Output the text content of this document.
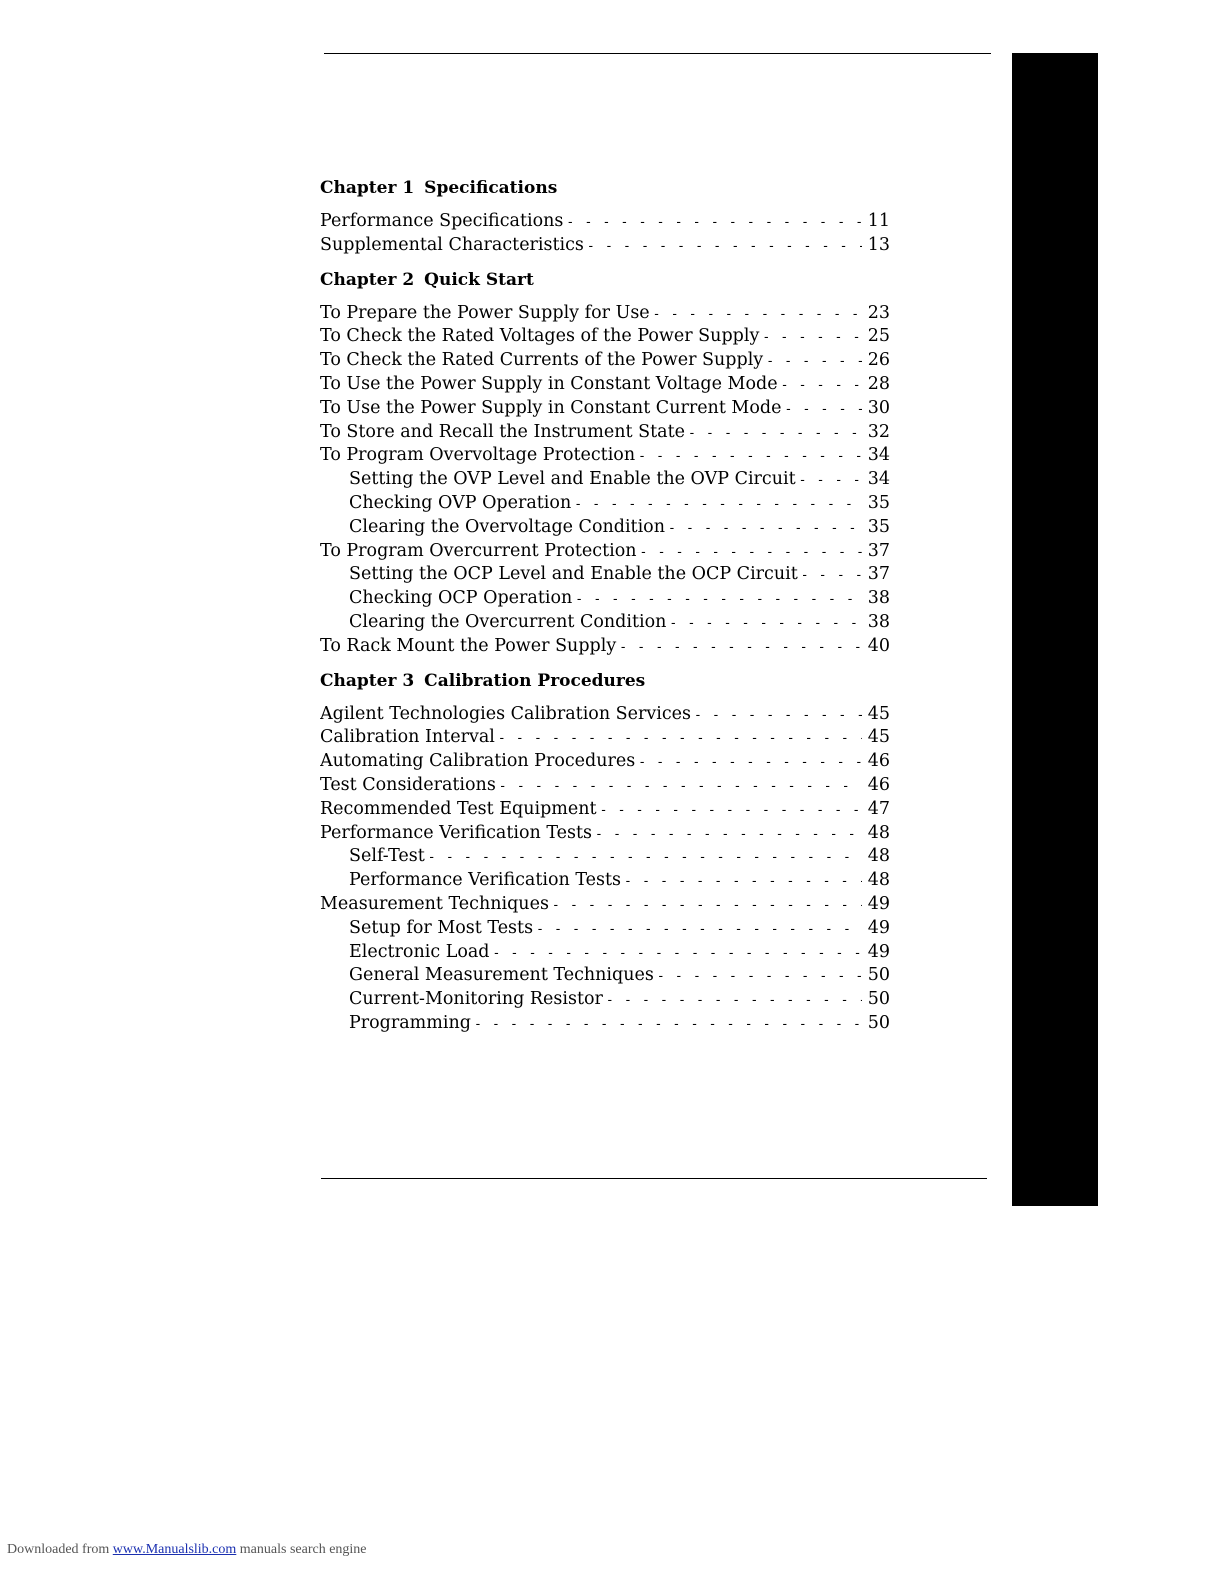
Chapter 1 Specifications
Performance Specifications - - -	11
Supplemental Characteristics - - -	13
Chapter 2 Quick Start
To Prepare the Power Supply for Use - - -	23
To Check the Rated Voltages of the Power Supply - - -	25
To Check the Rated Currents of the Power Supply - - -	26
To Use the Power Supply in Constant Voltage Mode - - -	28
To Use the Power Supply in Constant Current Mode - - -	30
To Store and Recall the Instrument State - - -	32
To Program Overvoltage Protection - - -	34
Setting the OVP Level and Enable the OVP Circuit - - -	34
Checking OVP Operation - - -	35
Clearing the Overvoltage Condition - - -	35
To Program Overcurrent Protection - - -	37
Setting the OCP Level and Enable the OCP Circuit - - -	37
Checking OCP Operation - - -	38
Clearing the Overcurrent Condition - - -	38
To Rack Mount the Power Supply - - -	40
Chapter 3 Calibration Procedures
Agilent Technologies Calibration Services - - -	45
Calibration Interval - - -	45
Automating Calibration Procedures - - -	46
Test Considerations - - -	46
Recommended Test Equipment - - -	47
Performance Verification Tests - - -	48
Self-Test - - -	48
Performance Verification Tests - - -	48
Measurement Techniques - - -	49
Setup for Most Tests - - -	49
Electronic Load - - -	49
General Measurement Techniques - - -	50
Current-Monitoring Resistor - - -	50
Programming - - -	50
Downloaded from www.Manualslib.com manuals search engine
